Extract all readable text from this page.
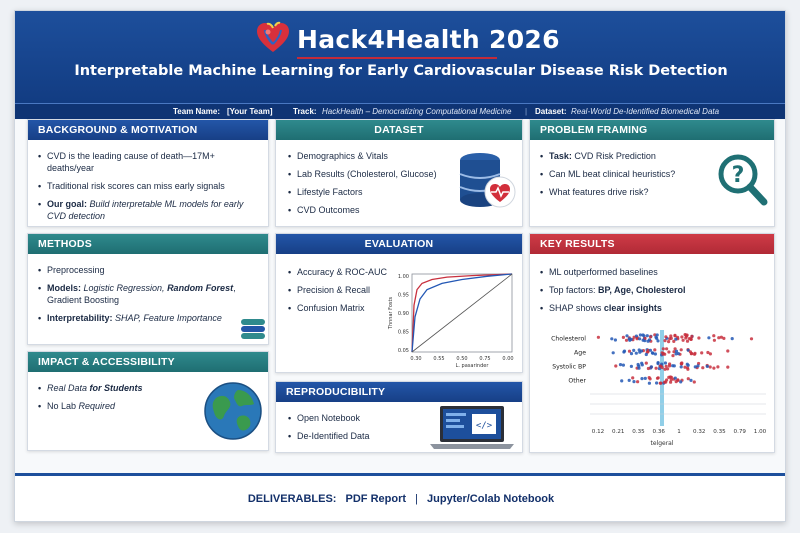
Hack4Health 2026
Interpretable Machine Learning for Early Cardiovascular Disease Risk Detection
Team Name: [Your Team]	Track: HackHealth – Democratizing Computational Medicine | Dataset: Real-World De-Identified Biomedical Data
BACKGROUND & MOTIVATION
• CVD is the leading cause of death—17M+ deaths/year
• Traditional risk scores can miss early signals
• Our goal: Build interpretable ML models for early CVD detection
DATASET
• Demographics & Vitals
• Lab Results (Cholesterol, Glucose)
• Lifestyle Factors
• CVD Outcomes
PROBLEM FRAMING
• Task: CVD Risk Prediction
• Can ML beat clinical heuristics?
• What features drive risk?
?
METHODS
• Preprocessing
• Models: Logistic Regression, Random Forest, Gradient Boosting
• Interpretability: SHAP, Feature Importance
IMPACT & ACCESSIBILITY
• Real Data for Students
• No Lab Required
EVALUATION
• Accuracy & ROC-AUC
• Precision & Recall
• Confusion Matrix
1.00
0.95
0.90
0.85
0.05
0.30 0.55 0.50 0.75 0.00
L. pasarinder
Thnnar Fosts
REPRODUCIBILITY
• Open Notebook
• De-Identified Data
</>
KEY RESULTS
• ML outperformed baselines
• Top factors: BP, Age, Cholesterol
• SHAP shows clear insights
Cholesterol
Age
Systolic BP
Other
0.12 0.21 0.35 0.36 1 0.32 0.35 0.79 1.00
telgeral
DELIVERABLES: PDF Report | Jupyter/Colab Notebook
